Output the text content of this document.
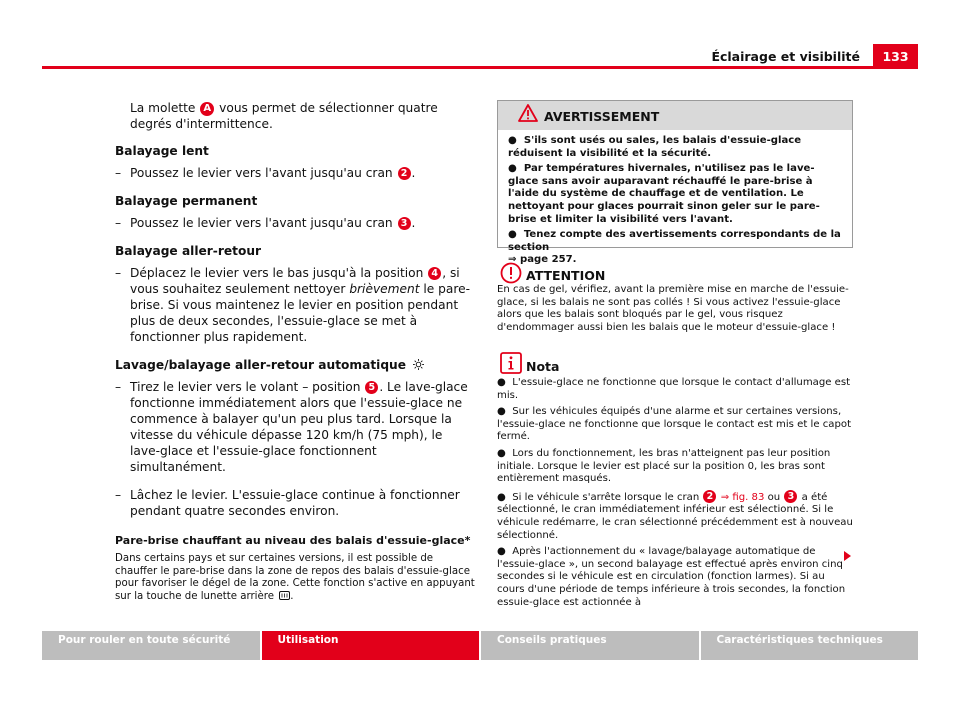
Éclairage et visibilité	133

La molette A vous permet de sélectionner quatre degrés d'intermittence.

Balayage lent
– Poussez le levier vers l'avant jusqu'au cran 2 .
Balayage permanent
– Poussez le levier vers l'avant jusqu'au cran 3 .
Balayage aller-retour
– Déplacez le levier vers le bas jusqu'à la position 4 , si vous souhaitez seulement nettoyer brièvement le pare-brise. Si vous maintenez le levier en position pendant plus de deux secondes, l'essuie-glace se met à fonctionner plus rapidement.
Lavage/balayage aller-retour automatique
– Tirez le levier vers le volant – position 5 . Le lave-glace fonctionne immédiatement alors que l'essuie-glace ne commence à balayer qu'un peu plus tard. Lorsque la vitesse du véhicule dépasse 120 km/h (75 mph), le lave-glace et l'essuie-glace fonctionnent simultanément.
– Lâchez le levier. L'essuie-glace continue à fonctionner pendant quatre secondes environ.
Pare-brise chauffant au niveau des balais d'essuie-glace*
Dans certains pays et sur certaines versions, il est possible de chauffer le pare-brise dans la zone de repos des balais d'essuie-glace pour favoriser le dégel de la zone. Cette fonction s'active en appuyant sur la touche de lunette arrière .
AVERTISSEMENT
●  S'ils sont usés ou sales, les balais d'essuie-glace réduisent la visibilité et la sécurité.
●  Par températures hivernales, n'utilisez pas le lave-glace sans avoir auparavant réchauffé le pare-brise à l'aide du système de chauffage et de ventilation. Le nettoyant pour glaces pourrait sinon geler sur le pare-brise et limiter la visibilité vers l'avant.
●  Tenez compte des avertissements correspondants de la section
⇒ page 257.
ATTENTION
En cas de gel, vérifiez, avant la première mise en marche de l'essuie-glace, si les balais ne sont pas collés ! Si vous activez l'essuie-glace alors que les balais sont bloqués par le gel, vous risquez d'endommager aussi bien les balais que le moteur d'essuie-glace !
Nota
●  L'essuie-glace ne fonctionne que lorsque le contact d'allumage est mis.
●  Sur les véhicules équipés d'une alarme et sur certaines versions, l'essuie-glace ne fonctionne que lorsque le contact est mis et le capot fermé.
●  Lors du fonctionnement, les bras n'atteignent pas leur position initiale. Lorsque le levier est placé sur la position 0, les bras sont entièrement masqués.
●  Si le véhicule s'arrête lorsque le cran 2 ⇒ fig. 83 ou 3 a été sélectionné, le cran immédiatement inférieur est sélectionné. Si le véhicule redémarre, le cran sélectionné précédemment est à nouveau sélectionné.
●  Après l'actionnement du « lavage/balayage automatique de l'essuie-glace », un second balayage est effectué après environ cinq secondes si le véhicule est en circulation (fonction larmes). Si au cours d'une période de temps inférieure à trois secondes, la fonction essuie-glace est actionnée à
Pour rouler en toute sécurité	Utilisation	Conseils pratiques	Caractéristiques techniques
